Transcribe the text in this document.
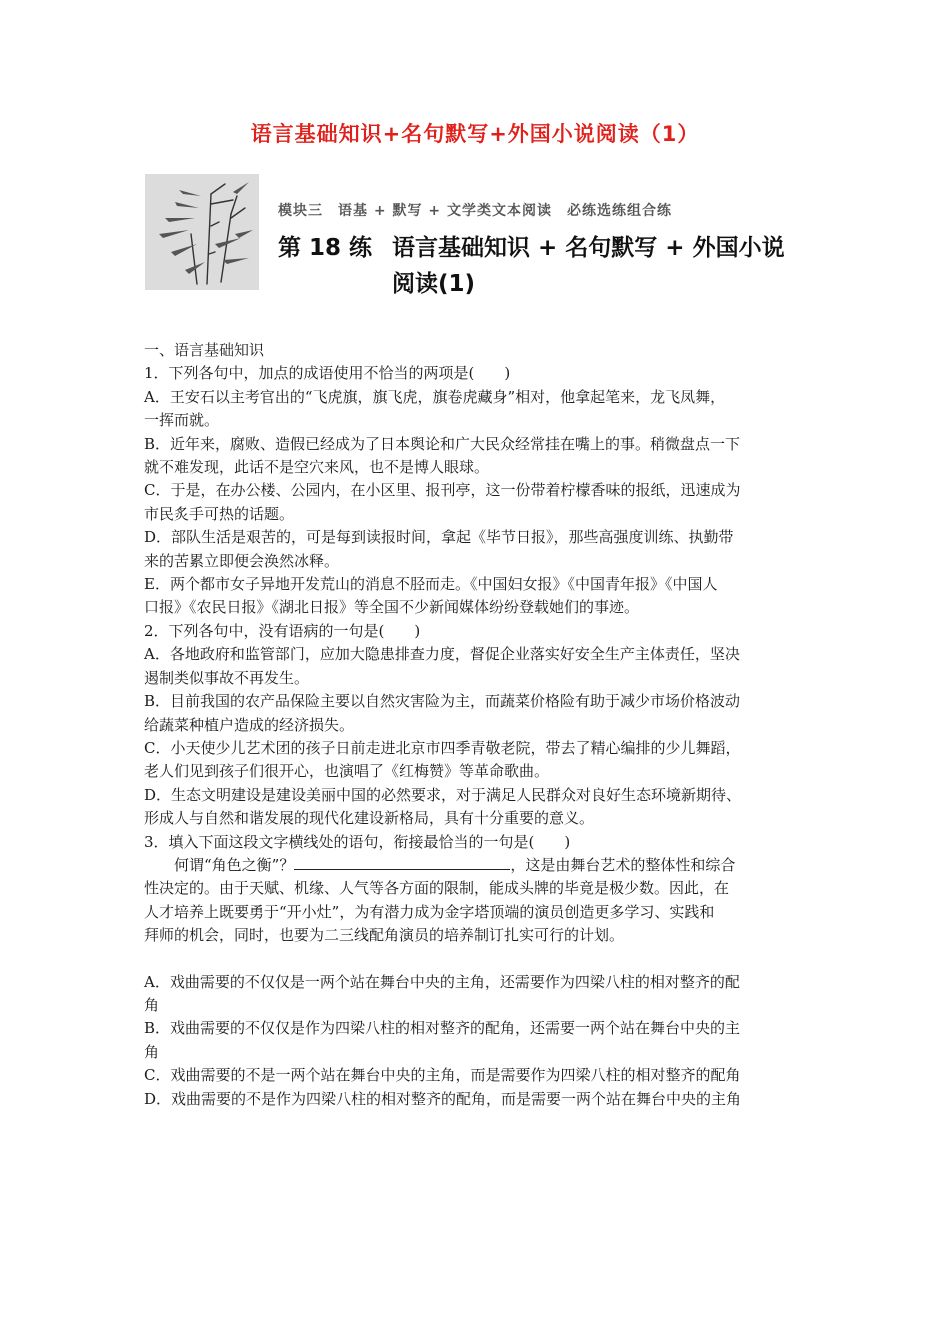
语言基础知识+名句默写+外国小说阅读（1）
模块三　语基 + 默写 + 文学类文本阅读　必练选练组合练
第 18 练 语言基础知识 + 名句默写 + 外国小说
阅读(1)

一、语言基础知识

1．下列各句中，加点的成语使用不恰当的两项是(　　)

A．王安石以主考官出的“飞虎旗，旗飞虎，旗卷虎藏身”相对，他拿起笔来，龙飞凤舞，

一挥而就。

B．近年来，腐败、造假已经成为了日本舆论和广大民众经常挂在嘴上的事。稍微盘点一下

就不难发现，此话不是空穴来风，也不是博人眼球。

C．于是，在办公楼、公园内，在小区里、报刊亭，这一份带着柠檬香味的报纸，迅速成为

市民炙手可热的话题。

D．部队生活是艰苦的，可是每到读报时间，拿起《毕节日报》，那些高强度训练、执勤带

来的苦累立即便会涣然冰释。

E．两个都市女子异地开发荒山的消息不胫而走。《中国妇女报》《中国青年报》《中国人

口报》《农民日报》《湖北日报》等全国不少新闻媒体纷纷登载她们的事迹。

2．下列各句中，没有语病的一句是(　　)

A．各地政府和监管部门，应加大隐患排查力度，督促企业落实好安全生产主体责任，坚决

遏制类似事故不再发生。

B．目前我国的农产品保险主要以自然灾害险为主，而蔬菜价格险有助于减少市场价格波动

给蔬菜种植户造成的经济损失。

C．小天使少儿艺术团的孩子日前走进北京市四季青敬老院，带去了精心编排的少儿舞蹈，

老人们见到孩子们很开心，也演唱了《红梅赞》等革命歌曲。

D．生态文明建设是建设美丽中国的必然要求，对于满足人民群众对良好生态环境新期待、

形成人与自然和谐发展的现代化建设新格局，具有十分重要的意义。

3．填入下面这段文字横线处的语句，衔接最恰当的一句是(　　)

何谓“角色之衡”？	，这是由舞台艺术的整体性和综合

性决定的。由于天赋、机缘、人气等各方面的限制，能成头牌的毕竟是极少数。因此，在

人才培养上既要勇于“开小灶”，为有潜力成为金字塔顶端的演员创造更多学习、实践和

拜师的机会，同时，也要为二三线配角演员的培养制订扎实可行的计划。

A．戏曲需要的不仅仅是一两个站在舞台中央的主角，还需要作为四梁八柱的相对整齐的配

角

B．戏曲需要的不仅仅是作为四梁八柱的相对整齐的配角，还需要一两个站在舞台中央的主

角

C．戏曲需要的不是一两个站在舞台中央的主角，而是需要作为四梁八柱的相对整齐的配角

D．戏曲需要的不是作为四梁八柱的相对整齐的配角，而是需要一两个站在舞台中央的主角
